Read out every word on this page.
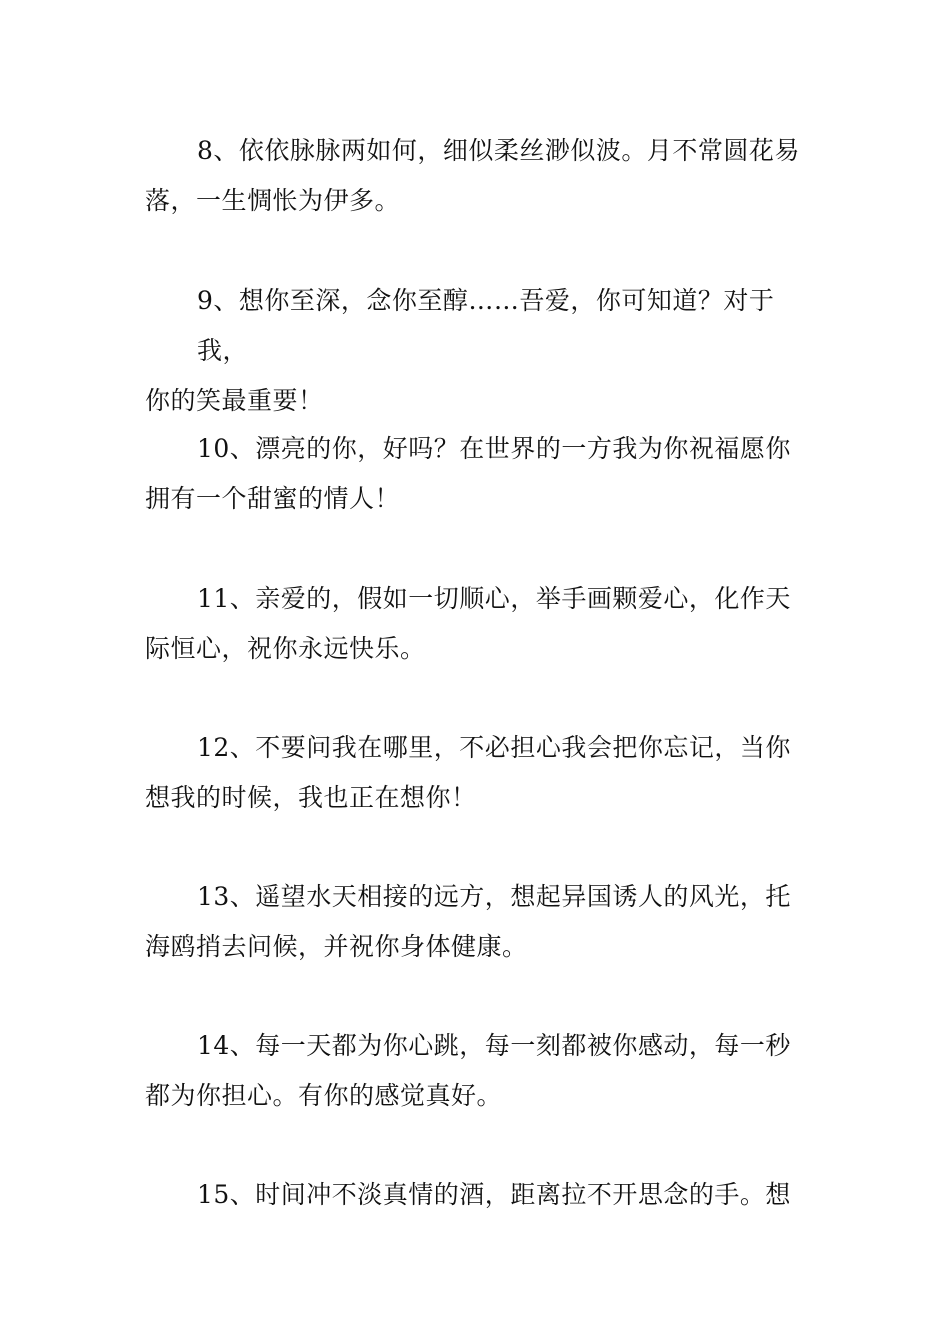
8、依依脉脉两如何，细似柔丝渺似波。月不常圆花易
落，一生惆怅为伊多。
9、想你至深，念你至醇……吾爱，你可知道？对于我，
你的笑最重要！
10、漂亮的你，好吗？在世界的一方我为你祝福愿你
拥有一个甜蜜的情人！
11、亲爱的，假如一切顺心，举手画颗爱心，化作天
际恒心，祝你永远快乐。
12、不要问我在哪里，不必担心我会把你忘记，当你
想我的时候，我也正在想你！
13、遥望水天相接的远方，想起异国诱人的风光，托
海鸥捎去问候，并祝你身体健康。
14、每一天都为你心跳，每一刻都被你感动，每一秒
都为你担心。有你的感觉真好。
15、时间冲不淡真情的酒，距离拉不开思念的手。想
